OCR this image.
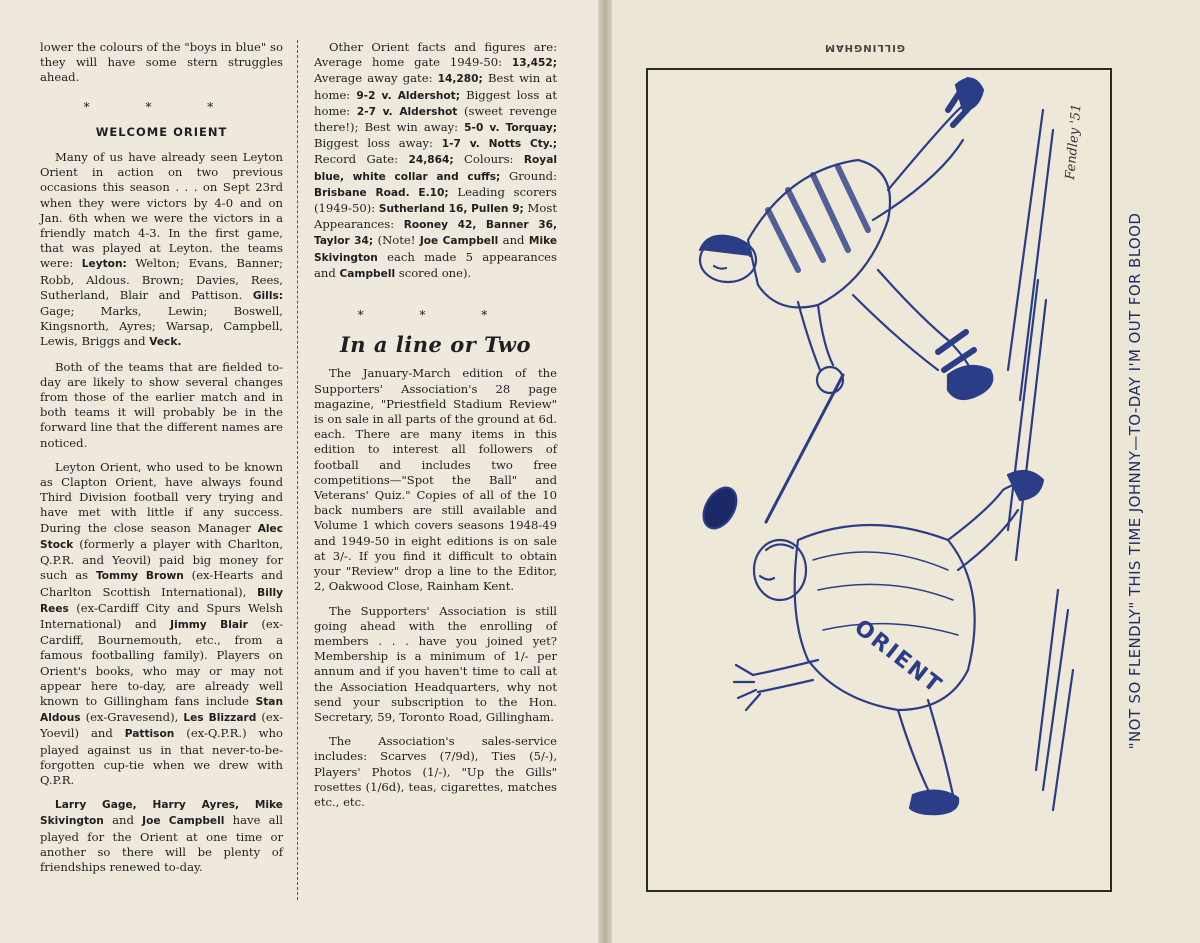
lower the colours of the "boys in blue" so they will have some stern struggles ahead.

* * *
WELCOME ORIENT

Many of us have already seen Leyton Orient in action on two previous occasions this season . . . on Sept 23rd when they were victors by 4-0 and on Jan. 6th when we were the victors in a friendly match 4-3. In the first game, that was played at Leyton. the teams were: Leyton: Welton; Evans, Banner; Robb, Aldous. Brown; Davies, Rees, Sutherland, Blair and Pattison. Gills: Gage; Marks, Lewin; Boswell, Kingsnorth, Ayres; Warsap, Campbell, Lewis, Briggs and Veck.

Both of the teams that are fielded to-day are likely to show several changes from those of the earlier match and in both teams it will probably be in the forward line that the different names are noticed.

Leyton Orient, who used to be known as Clapton Orient, have always found Third Division football very trying and have met with little if any success. During the close season Manager Alec Stock (formerly a player with Charlton, Q.P.R. and Yeovil) paid big money for such as Tommy Brown (ex-Hearts and Charlton Scottish International), Billy Rees (ex-Cardiff City and Spurs Welsh International) and Jimmy Blair (ex-Cardiff, Bournemouth, etc., from a famous footballing family). Players on Orient's books, who may or may not appear here to-day, are already well known to Gillingham fans include Stan Aldous (ex-Gravesend), Les Blizzard (ex-Yoevil) and Pattison (ex-Q.P.R.) who played against us in that never-to-be-forgotten cup-tie when we drew with Q.P.R.

Larry Gage, Harry Ayres, Mike Skivington and Joe Campbell have all played for the Orient at one time or another so there will be plenty of friendships renewed to-day.

Other Orient facts and figures are: Average home gate 1949-50: 13,452; Average away gate: 14,280; Best win at home: 9-2 v. Aldershot; Biggest loss at home: 2-7 v. Aldershot (sweet revenge there!); Best win away: 5-0 v. Torquay; Biggest loss away: 1-7 v. Notts Cty.; Record Gate: 24,864; Colours: Royal blue, white collar and cuffs; Ground: Brisbane Road. E.10; Leading scorers (1949-50): Sutherland 16, Pullen 9; Most Appearances: Rooney 42, Banner 36, Taylor 34; (Note! Joe Campbell and Mike Skivington each made 5 appearances and Campbell scored one).

* * *
In a line or Two

The January-March edition of the Supporters' Association's 28 page magazine, "Priestfield Stadium Review" is on sale in all parts of the ground at 6d. each. There are many items in this edition to interest all followers of football and includes two free competitions—"Spot the Ball" and Veterans' Quiz." Copies of all of the 10 back numbers are still available and Volume 1 which covers seasons 1948-49 and 1949-50 in eight editions is on sale at 3/-. If you find it difficult to obtain your "Review" drop a line to the Editor, 2, Oakwood Close, Rainham Kent.

The Supporters' Association is still going ahead with the enrolling of members . . . have you joined yet? Membership is a minimum of 1/- per annum and if you haven't time to call at the Association Headquarters, why not send your subscription to the Hon. Secretary, 59, Toronto Road, Gillingham.

The Association's sales-service includes: Scarves (7/9d), Ties (5/-), Players' Photos (1/-), "Up the Gills" rosettes (1/6d), teas, cigarettes, matches etc., etc.

GILLINGHAM
ORIENT
Fendley '51
"NOT SO FLENDLY" THIS TIME JOHNNY—TO-DAY I'M OUT FOR BLOOD
